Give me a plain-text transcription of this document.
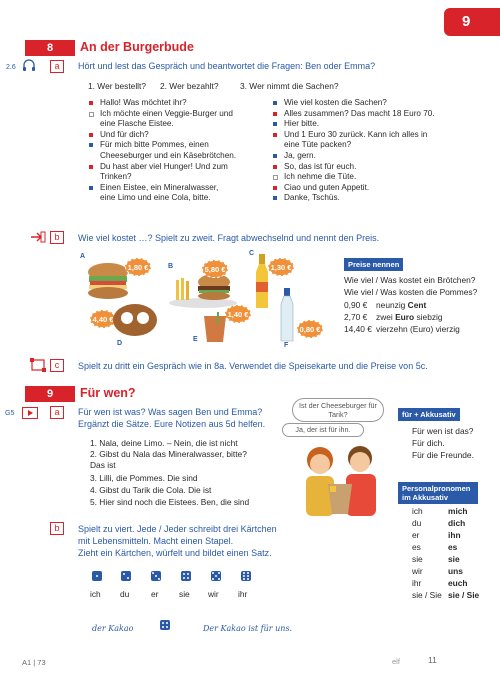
9
8	An der Burgerbude
2.6	a	Hört und lest das Gespräch und beantwortet die Fragen: Ben oder Emma?
1. Wer bestellt? 2. Wer bezahlt?	3. Wer nimmt die Sachen?
Hallo! Was möchtet ihr?
Ich möchte einen Veggie-Burger und
eine Flasche Eistee.
Und für dich?
Für mich bitte Pommes, einen
Cheeseburger und ein Käsebrötchen.
Du hast aber viel Hunger! Und zum
Trinken?
Einen Eistee, ein Mineralwasser,
eine Limo und eine Cola, bitte.
Wie viel kosten die Sachen?
Alles zusammen? Das macht 18 Euro 70.
Hier bitte.
Und 1 Euro 30 zurück. Kann ich alles in
eine Tüte packen?
Ja, gern.
So, das ist für euch.
Ich nehme die Tüte.
Ciao und guten Appetit.
Danke, Tschüs.
b	Wie viel kostet …? Spielt zu zweit. Fragt abwechselnd und nennt den Preis.
A
1,80 €	B	5,80 €
C
1,30 €
4,40 €
D
1,40 €
E
0,80 €
F
Preise nennen
Wie viel / Was kostet ein Brötchen?
Wie viel / Was kosten die Pommes?
0,90 € neunzig Cent
2,70 € zwei Euro siebzig
14,40 € vierzehn (Euro) vierzig
c	Spielt zu dritt ein Gespräch wie in 8a. Verwendet die Speisekarte und die Preise von 5c.
9	Für wen?
G5	a	Für wen ist was? Was sagen Ben und Emma?
Ergänzt die Sätze. Eure Notizen aus 5d helfen.
1. Nala, deine Limo. – Nein, die ist nicht
2. Gibst du Nala das Mineralwasser, bitte?
Das ist
3. Lilli, die Pommes. Die sind
4. Gibst du Tarik die Cola. Die ist
5. Hier sind noch die Eistees. Ben, die sind
Ist der Cheeseburger für Tarik?
Ja, der ist für ihn.
für + Akkusativ
Für wen ist das?
Für dich.
Für die Freunde.
Personalpronomen im Akkusativ
ich	mich
du	dich
er	ihn
es	es
sie	sie
wir	uns
ihr	euch
sie / Sie sie / Sie
b	Spielt zu viert. Jede / Jeder schreibt drei Kärtchen
mit Lebensmitteln. Macht einen Stapel.
Zieht ein Kärtchen, würfelt und bildet einen Satz.
ich du	er sie wir ihr
der Kakao	Der Kakao ist für uns.
A1 | 73	elf	11
